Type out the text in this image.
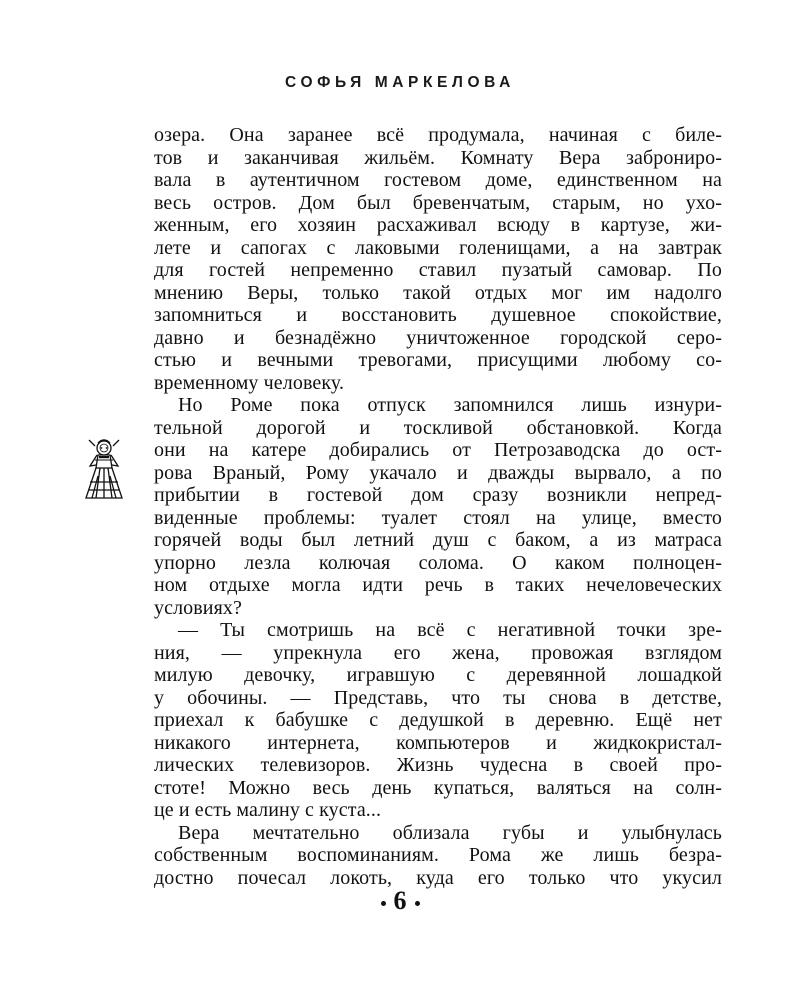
СОФЬЯ МАРКЕЛОВА
озера. Она заранее всё продумала, начиная с биле-
тов и заканчивая жильём. Комнату Вера заброниро-
вала в аутентичном гостевом доме, единственном на
весь остров. Дом был бревенчатым, старым, но ухо-
женным, его хозяин расхаживал всюду в картузе, жи-
лете и сапогах с лаковыми голенищами, а на завтрак
для гостей непременно ставил пузатый самовар. По
мнению Веры, только такой отдых мог им надолго
запомниться и восстановить душевное спокойствие,
давно и безнадёжно уничтоженное городской серо-
стью и вечными тревогами, присущими любому со-
временному человеку.
Но Роме пока отпуск запомнился лишь изнури-
тельной дорогой и тоскливой обстановкой. Когда
они на катере добирались от Петрозаводска до ост-
рова Враный, Рому укачало и дважды вырвало, а по
прибытии в гостевой дом сразу возникли непред-
виденные проблемы: туалет стоял на улице, вместо
горячей воды был летний душ с баком, а из матраса
упорно лезла колючая солома. О каком полноцен-
ном отдыхе могла идти речь в таких нечеловеческих
условиях?
— Ты смотришь на всё с негативной точки зре-
ния, — упрекнула его жена, провожая взглядом
милую девочку, игравшую с деревянной лошадкой
у обочины. — Представь, что ты снова в детстве,
приехал к бабушке с дедушкой в деревню. Ещё нет
никакого интернета, компьютеров и жидкокристал-
лических телевизоров. Жизнь чудесна в своей про-
стоте! Можно весь день купаться, валяться на солн-
це и есть малину с куста...
Вера мечтательно облизала губы и улыбнулась
собственным воспоминаниям. Рома же лишь безра-
достно почесал локоть, куда его только что укусил
6
